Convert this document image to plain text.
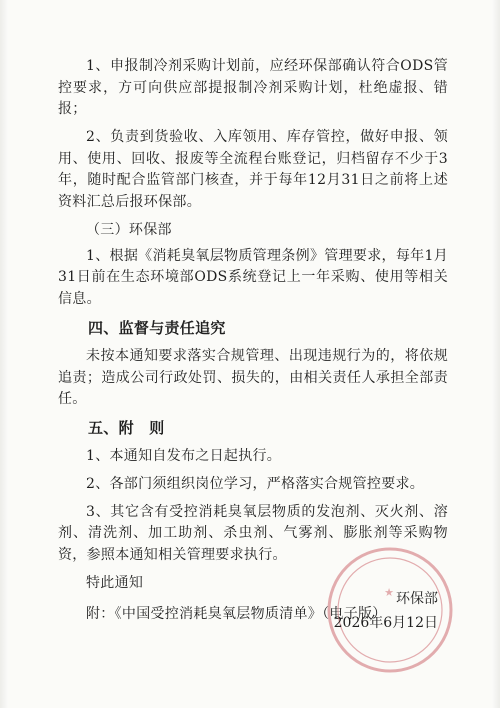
1、申报制冷剂采购计划前，应经环保部确认符合ODS管控要求，方可向供应部提报制冷剂采购计划，杜绝虚报、错报；

2、负责到货验收、入库领用、库存管控，做好申报、领用、使用、回收、报废等全流程台账登记，归档留存不少于3年，随时配合监管部门核查，并于每年12月31日之前将上述资料汇总后报环保部。

（三）环保部

1、根据《消耗臭氧层物质管理条例》管理要求，每年1月31日前在生态环境部ODS系统登记上一年采购、使用等相关信息。

四、监督与责任追究

未按本通知要求落实合规管理、出现违规行为的，将依规追责；造成公司行政处罚、损失的，由相关责任人承担全部责任。

五、附　则

1、本通知自发布之日起执行。

2、各部门须组织岗位学习，严格落实合规管控要求。

3、其它含有受控消耗臭氧层物质的发泡剂、灭火剂、溶剂、清洗剂、加工助剂、杀虫剂、气雾剂、膨胀剂等采购物资，参照本通知相关管理要求执行。

特此通知

附：《中国受控消耗臭氧层物质清单》（电子版）

★ 环保部
2026年6月12日
